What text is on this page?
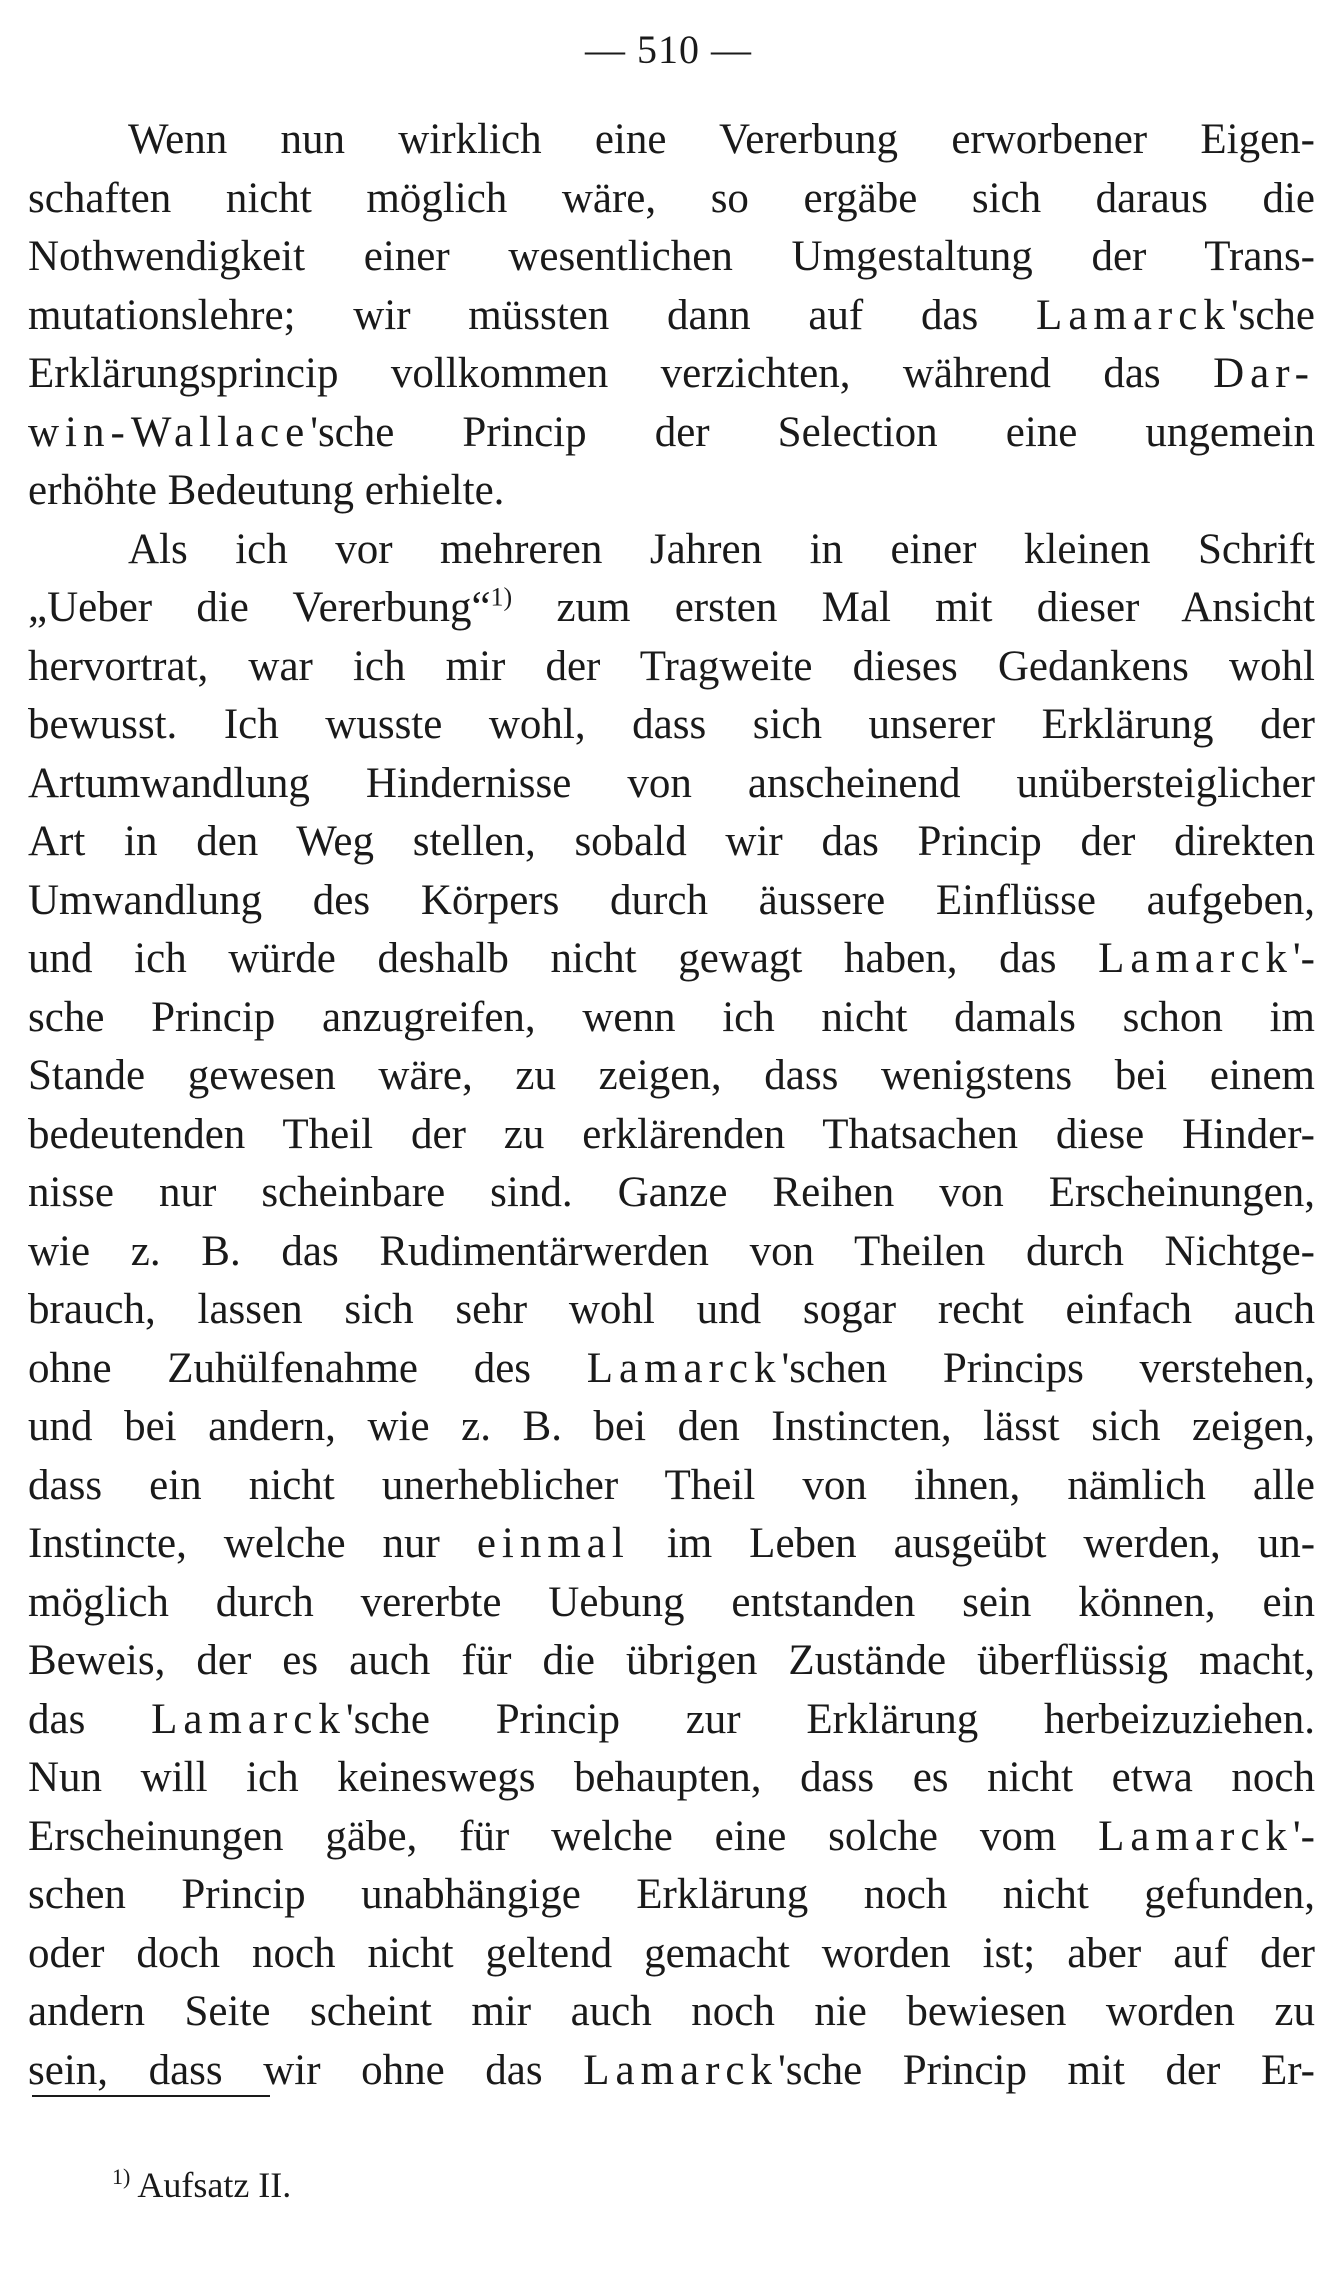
— 510 —
Wenn nun wirklich eine Vererbung erworbener Eigen-
schaften nicht möglich wäre, so ergäbe sich daraus die
Nothwendigkeit einer wesentlichen Umgestaltung der Trans-
mutationslehre; wir müssten dann auf das Lamarck'sche
Erklärungsprincip vollkommen verzichten, während das Dar-
win-Wallace'sche Princip der Selection eine ungemein
erhöhte Bedeutung erhielte.
Als ich vor mehreren Jahren in einer kleinen Schrift
„Ueber die Vererbung“$^{1)}$ zum ersten Mal mit dieser Ansicht
hervortrat, war ich mir der Tragweite dieses Gedankens wohl
bewusst. Ich wusste wohl, dass sich unserer Erklärung der
Artumwandlung Hindernisse von anscheinend unübersteiglicher
Art in den Weg stellen, sobald wir das Princip der direkten
Umwandlung des Körpers durch äussere Einflüsse aufgeben,
und ich würde deshalb nicht gewagt haben, das Lamarck'-
sche Princip anzugreifen, wenn ich nicht damals schon im
Stande gewesen wäre, zu zeigen, dass wenigstens bei einem
bedeutenden Theil der zu erklärenden Thatsachen diese Hinder-
nisse nur scheinbare sind. Ganze Reihen von Erscheinungen,
wie z. B. das Rudimentärwerden von Theilen durch Nichtge-
brauch, lassen sich sehr wohl und sogar recht einfach auch
ohne Zuhülfenahme des Lamarck'schen Princips verstehen,
und bei andern, wie z. B. bei den Instincten, lässt sich zeigen,
dass ein nicht unerheblicher Theil von ihnen, nämlich alle
Instincte, welche nur einmal im Leben ausgeübt werden, un-
möglich durch vererbte Uebung entstanden sein können, ein
Beweis, der es auch für die übrigen Zustände überflüssig macht,
das Lamarck'sche Princip zur Erklärung herbeizuziehen.
Nun will ich keineswegs behaupten, dass es nicht etwa noch
Erscheinungen gäbe, für welche eine solche vom Lamarck'-
schen Princip unabhängige Erklärung noch nicht gefunden,
oder doch noch nicht geltend gemacht worden ist; aber auf der
andern Seite scheint mir auch noch nie bewiesen worden zu
sein, dass wir ohne das Lamarck'sche Princip mit der Er-
$^{1)}$ Aufsatz II.
